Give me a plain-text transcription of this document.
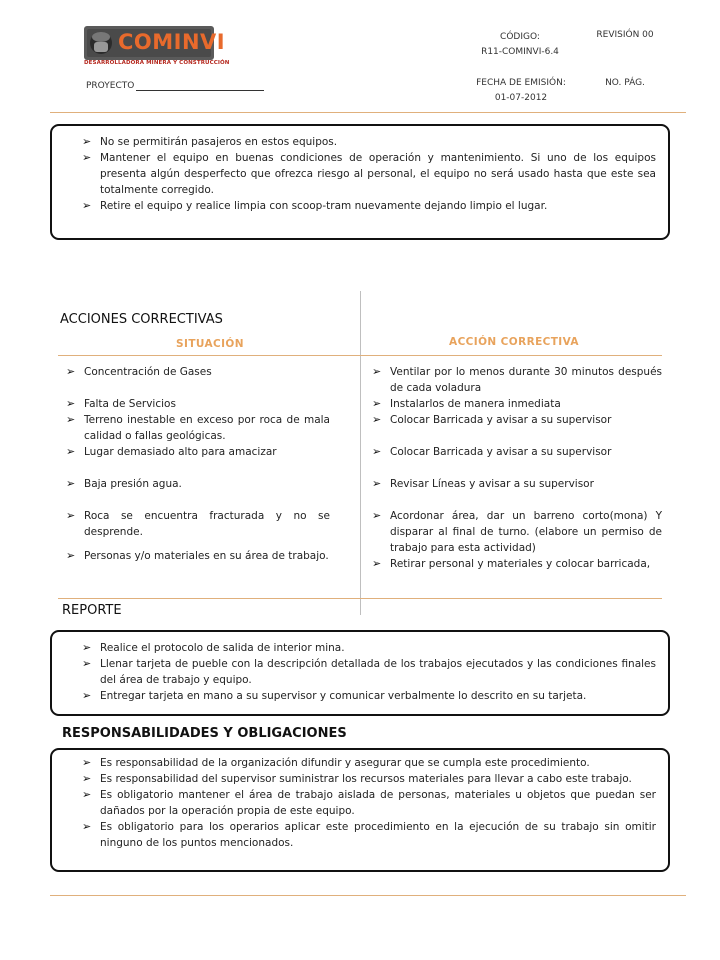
COMINVI
DESARROLLADORA MINERA Y CONSTRUCCIÓN
CÓDIGO:
R11-COMINVI-6.4
REVISIÓN 00
FECHA DE EMISIÓN:
01-07-2012
NO. PÁG.
PROYECTO
➢ No se permitirán pasajeros en estos equipos.
➢ Mantener el equipo en buenas condiciones de operación y mantenimiento. Si uno de los equipos presenta algún desperfecto que ofrezca riesgo al personal, el equipo no será usado hasta que este sea totalmente corregido.
➢ Retire el equipo y realice limpia con scoop-tram nuevamente dejando limpio el lugar.
ACCIONES CORRECTIVAS
SITUACIÓN	ACCIÓN CORRECTIVA
➢ Concentración de Gases
➢ Falta de Servicios
➢ Terreno inestable en exceso por roca de mala calidad o fallas geológicas.
➢ Lugar demasiado alto para amacizar
➢ Baja presión agua.
➢ Roca se encuentra fracturada y no se desprende.
➢ Personas y/o materiales en su área de trabajo.
➢ Ventilar por lo menos durante 30 minutos después de cada voladura
➢ Instalarlos de manera inmediata
➢ Colocar Barricada y avisar a su supervisor
➢ Colocar Barricada y avisar a su supervisor
➢ Revisar Líneas y avisar a su supervisor
➢ Acordonar área, dar un barreno corto(mona) Y disparar al final de turno. (elabore un permiso de trabajo para esta actividad)
➢ Retirar personal y materiales y colocar barricada,
REPORTE
➢ Realice el protocolo de salida de interior mina.
➢ Llenar tarjeta de pueble con la descripción detallada de los trabajos ejecutados y las condiciones finales del área de trabajo y equipo.
➢ Entregar tarjeta en mano a su supervisor y comunicar verbalmente lo descrito en su tarjeta.
RESPONSABILIDADES Y OBLIGACIONES
➢ Es responsabilidad de la organización difundir y asegurar que se cumpla este procedimiento.
➢ Es responsabilidad del supervisor suministrar los recursos materiales para llevar a cabo este trabajo.
➢ Es obligatorio mantener el área de trabajo aislada de personas, materiales u objetos que puedan ser dañados por la operación propia de este equipo.
➢ Es obligatorio para los operarios aplicar este procedimiento en la ejecución de su trabajo sin omitir ninguno de los puntos mencionados.
